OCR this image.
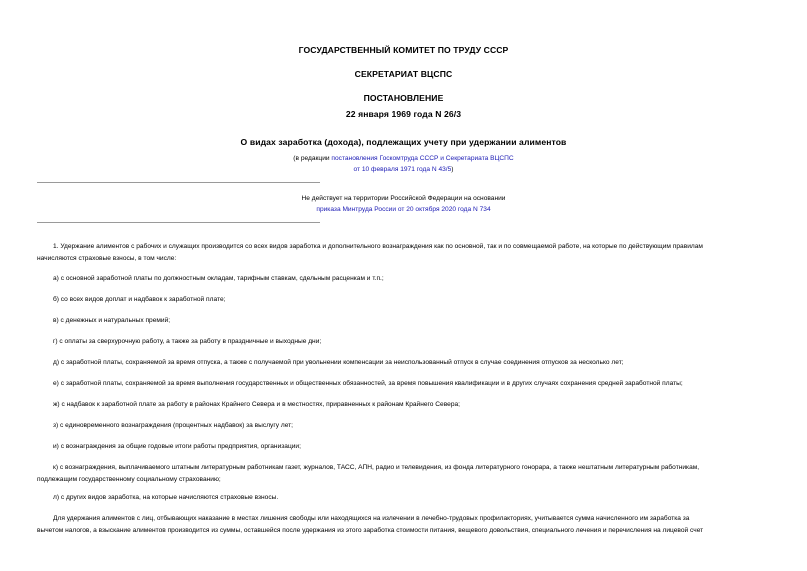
ГОСУДАРСТВЕННЫЙ КОМИТЕТ ПО ТРУДУ СССР
СЕКРЕТАРИАТ ВЦСПС
ПОСТАНОВЛЕНИЕ
22 января 1969 года N 26/3
О видах заработка (дохода), подлежащих учету при удержании алиментов
(в редакции постановления Госкомтруда СССР и Секретариата ВЦСПС
от 10 февраля 1971 года N 43/5)
Не действует на территории Российской Федерации на основании
приказа Минтруда России от 20 октября 2020 года N 734
1. Удержание алиментов с рабочих и служащих производится со всех видов заработка и дополнительного вознаграждения как по основной, так и по совмещаемой работе, на которые по действующим правилам
начисляются страховые взносы, в том числе:
а) с основной заработной платы по должностным окладам, тарифным ставкам, сдельным расценкам и т.п.;
б) со всех видов доплат и надбавок к заработной плате;
в) с денежных и натуральных премий;
г) с оплаты за сверхурочную работу, а также за работу в праздничные и выходные дни;
д) с заработной платы, сохраняемой за время отпуска, а также с получаемой при увольнении компенсации за неиспользованный отпуск в случае соединения отпусков за несколько лет;
е) с заработной платы, сохраняемой за время выполнения государственных и общественных обязанностей, за время повышения квалификации и в других случаях сохранения средней заработной платы;
ж) с надбавок к заработной плате за работу в районах Крайнего Севера и в местностях, приравненных к районам Крайнего Севера;
з) с единовременного вознаграждения (процентных надбавок) за выслугу лет;
и) с вознаграждения за общие годовые итоги работы предприятия, организации;
к) с вознаграждения, выплачиваемого штатным литературным работникам газет, журналов, ТАСС, АПН, радио и телевидения, из фонда литературного гонорара, а также нештатным литературным работникам,
подлежащим государственному социальному страхованию;
л) с других видов заработка, на которые начисляются страховые взносы.
Для удержания алиментов с лиц, отбывающих наказание в местах лишения свободы или находящихся на излечении в лечебно-трудовых профилакториях, учитывается сумма начисленного им заработка за
вычетом налогов, а взыскание алиментов производится из суммы, оставшейся после удержания из этого заработка стоимости питания, вещевого довольствия, специального лечения и перечисления на лицевой счет
